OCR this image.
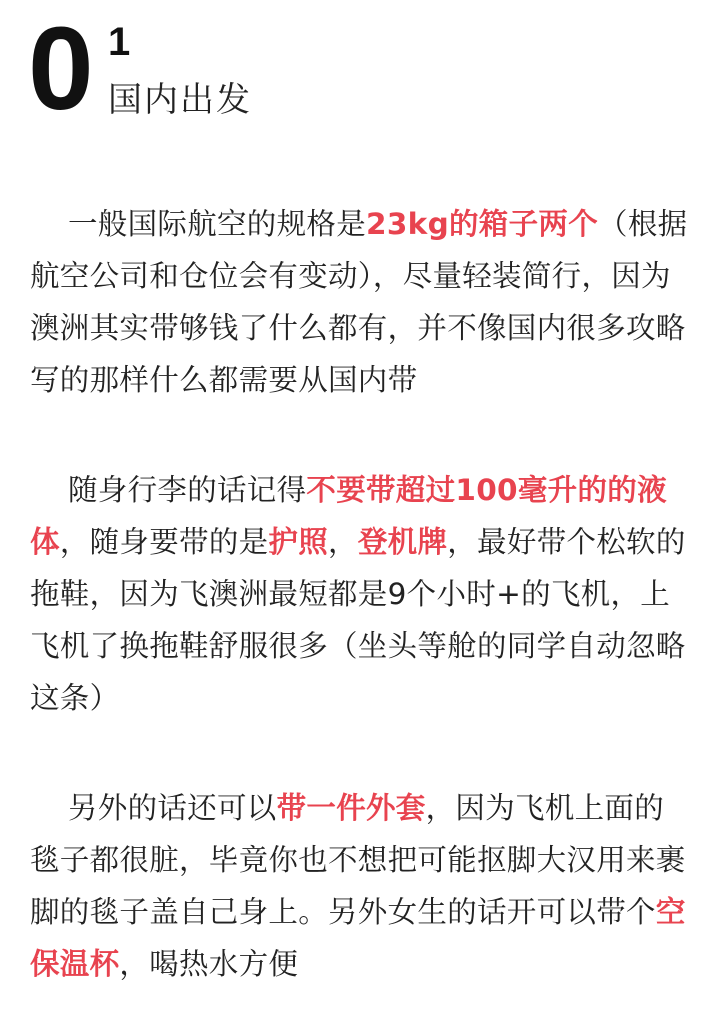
0 1
国内出发

一般国际航空的规格是23kg的箱子两个（根据航空公司和仓位会有变动），尽量轻装简行，因为澳洲其实带够钱了什么都有，并不像国内很多攻略写的那样什么都需要从国内带

随身行李的话记得不要带超过100毫升的的液体，随身要带的是护照，登机牌，最好带个松软的拖鞋，因为飞澳洲最短都是9个小时+的飞机，上飞机了换拖鞋舒服很多（坐头等舱的同学自动忽略这条）

另外的话还可以带一件外套，因为飞机上面的毯子都很脏，毕竟你也不想把可能抠脚大汉用来裹脚的毯子盖自己身上。另外女生的话开可以带个空保温杯，喝热水方便
